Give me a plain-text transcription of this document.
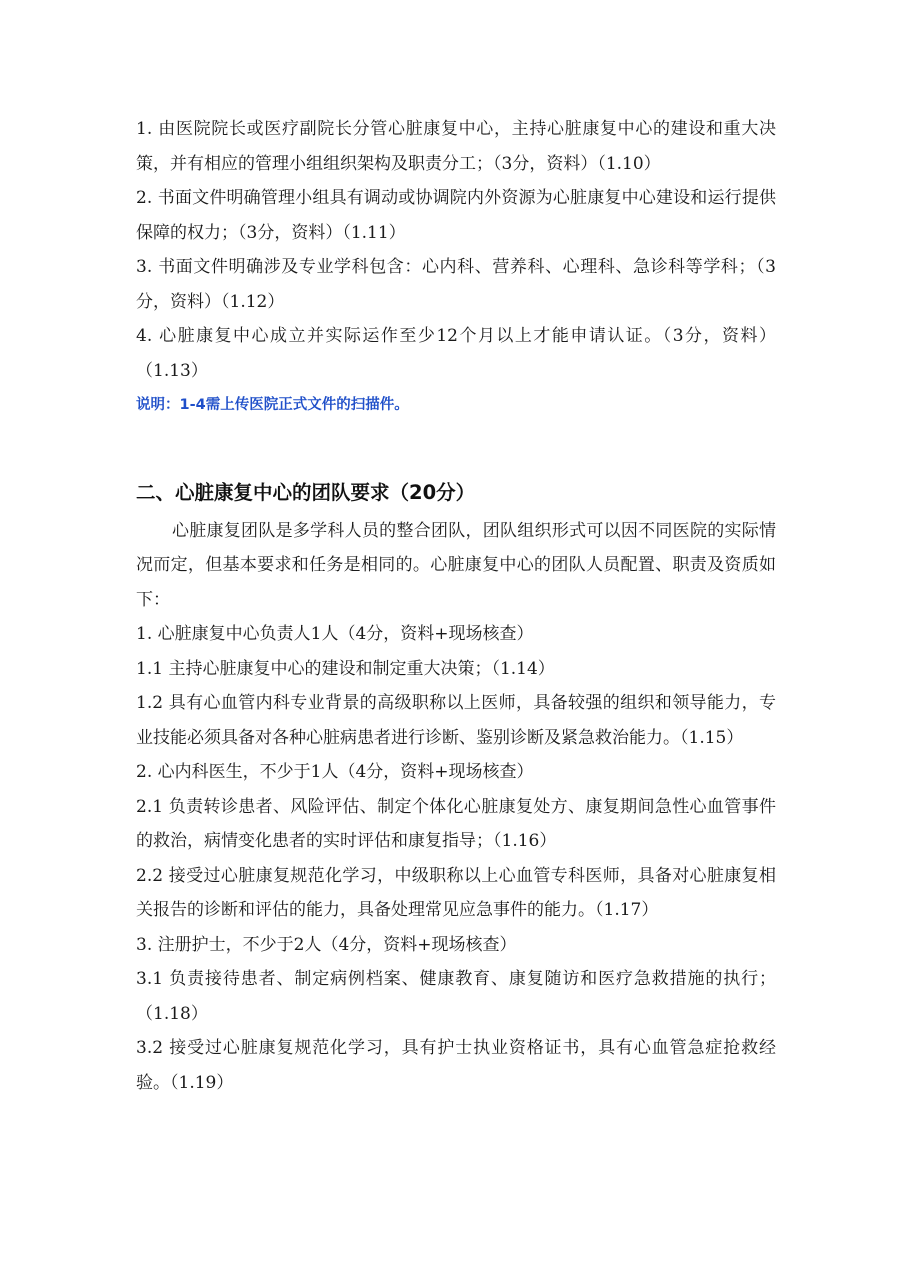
1. 由医院院长或医疗副院长分管心脏康复中心，主持心脏康复中心的建设和重大决策，并有相应的管理小组组织架构及职责分工；（3分，资料）（1.10）

2. 书面文件明确管理小组具有调动或协调院内外资源为心脏康复中心建设和运行提供保障的权力；（3分，资料）（1.11）

3. 书面文件明确涉及专业学科包含：心内科、营养科、心理科、急诊科等学科；（3分，资料）（1.12）

4. 心脏康复中心成立并实际运作至少12个月以上才能申请认证。（3分，资料）（1.13）

说明：1-4需上传医院正式文件的扫描件。

二、心脏康复中心的团队要求（20分）

心脏康复团队是多学科人员的整合团队，团队组织形式可以因不同医院的实际情况而定，但基本要求和任务是相同的。心脏康复中心的团队人员配置、职责及资质如下：

1. 心脏康复中心负责人1人（4分，资料+现场核查）

1.1 主持心脏康复中心的建设和制定重大决策；（1.14）

1.2 具有心血管内科专业背景的高级职称以上医师，具备较强的组织和领导能力，专业技能必须具备对各种心脏病患者进行诊断、鉴别诊断及紧急救治能力。（1.15）

2. 心内科医生，不少于1人（4分，资料+现场核查）

2.1 负责转诊患者、风险评估、制定个体化心脏康复处方、康复期间急性心血管事件的救治，病情变化患者的实时评估和康复指导；（1.16）

2.2 接受过心脏康复规范化学习，中级职称以上心血管专科医师，具备对心脏康复相关报告的诊断和评估的能力，具备处理常见应急事件的能力。（1.17）

3. 注册护士，不少于2人（4分，资料+现场核查）

3.1 负责接待患者、制定病例档案、健康教育、康复随访和医疗急救措施的执行；（1.18）

3.2 接受过心脏康复规范化学习，具有护士执业资格证书，具有心血管急症抢救经验。（1.19）
